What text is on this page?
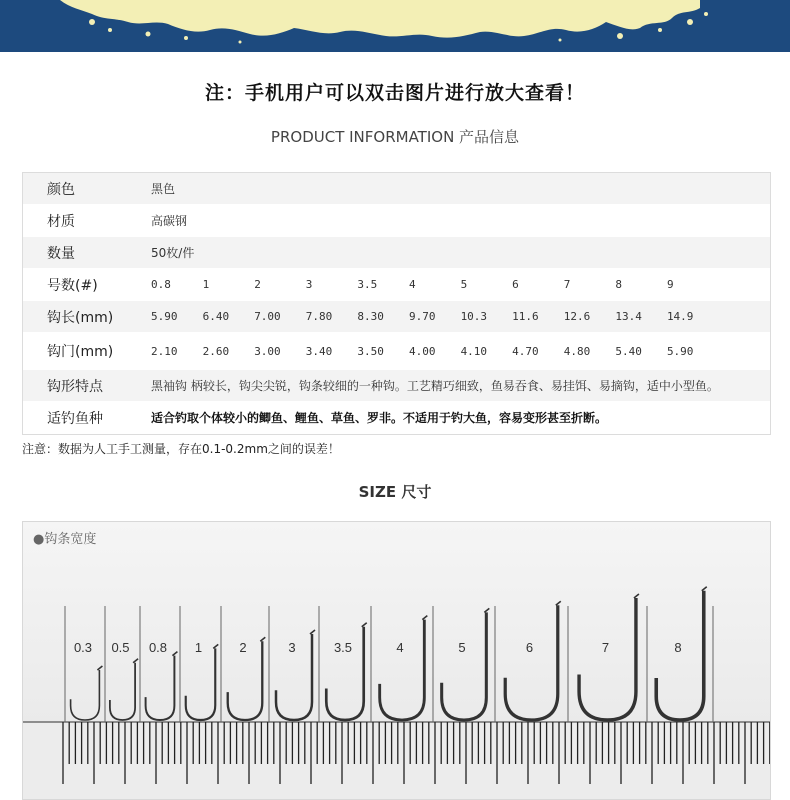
注：手机用户可以双击图片进行放大查看！
PRODUCT INFORMATION 产品信息
颜色	黑色
材质	高碳钢
数量	50枚/件
号数(#)	0.8	1	2	3	3.5	4	5	6	7	8	9
钩长(mm)	5.90	6.40	7.00	7.80	8.30	9.70	10.3	11.6	12.6	13.4	14.9
钩门(mm)	2.10	2.60	3.00	3.40	3.50	4.00	4.10	4.70	4.80	5.40	5.90
钩形特点	黑袖钩 柄较长，钩尖尖锐，钩条较细的一种钩。工艺精巧细致，鱼易吞食、易挂饵、易摘钩，适中小型鱼。
适钓鱼种	适合钓取个体较小的鲫鱼、鲤鱼、草鱼、罗非。不适用于钓大鱼，容易变形甚至折断。
注意：数据为人工手工测量，存在0.1-0.2mm之间的误差！
SIZE 尺寸
0.3 0.5 0.8 1	2	3	3.5	4	5	6	7	8
●钩条宽度
